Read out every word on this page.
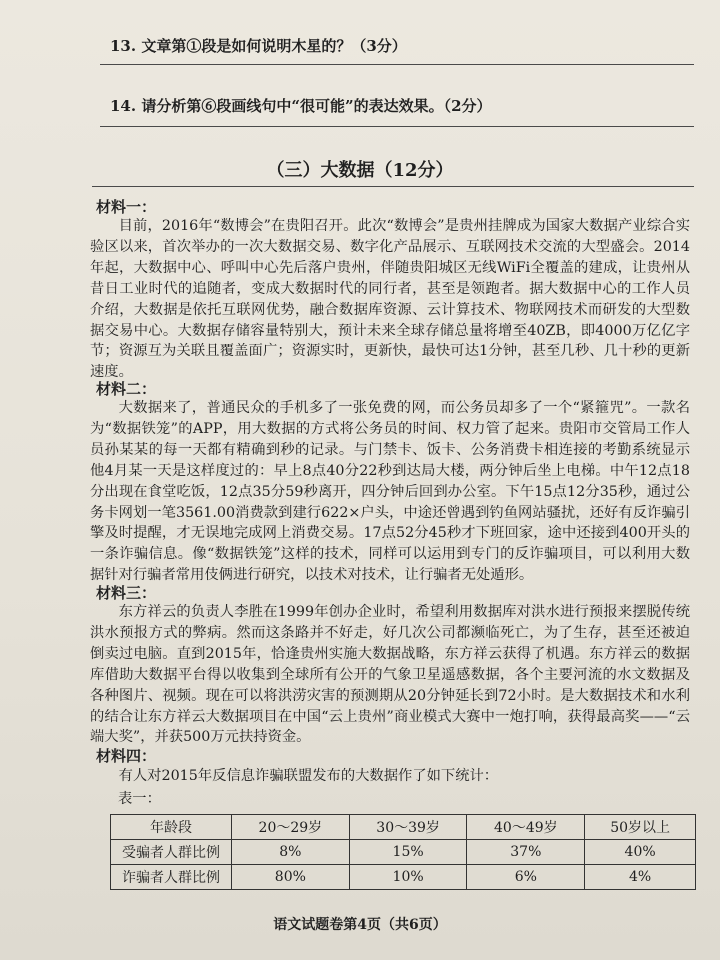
13. 文章第①段是如何说明木星的？（3分）
14. 请分析第⑥段画线句中“很可能”的表达效果。（2分）
（三）大数据（12分）
材料一：

目前，2016年“数博会”在贵阳召开。此次“数博会”是贵州挂牌成为国家大数据产业综合实验区以来，首次举办的一次大数据交易、数字化产品展示、互联网技术交流的大型盛会。2014年起，大数据中心、呼叫中心先后落户贵州，伴随贵阳城区无线WiFi全覆盖的建成，让贵州从昔日工业时代的追随者，变成大数据时代的同行者，甚至是领跑者。据大数据中心的工作人员介绍，大数据是依托互联网优势，融合数据库资源、云计算技术、物联网技术而研发的大型数据交易中心。大数据存储容量特别大，预计未来全球存储总量将增至40ZB，即4000万亿亿字节；资源互为关联且覆盖面广；资源实时，更新快，最快可达1分钟，甚至几秒、几十秒的更新速度。

材料二：

大数据来了，普通民众的手机多了一张免费的网，而公务员却多了一个“紧箍咒”。一款名为“数据铁笼”的APP，用大数据的方式将公务员的时间、权力管了起来。贵阳市交管局工作人员孙某某的每一天都有精确到秒的记录。与门禁卡、饭卡、公务消费卡相连接的考勤系统显示他4月某一天是这样度过的：早上8点40分22秒到达局大楼，两分钟后坐上电梯。中午12点18分出现在食堂吃饭，12点35分59秒离开，四分钟后回到办公室。下午15点12分35秒，通过公务卡网划一笔3561.00消费款到建行622×户头，中途还曾遇到钓鱼网站骚扰，还好有反诈骗引擎及时提醒，才无误地完成网上消费交易。17点52分45秒才下班回家，途中还接到400开头的一条诈骗信息。像“数据铁笼”这样的技术，同样可以运用到专门的反诈骗项目，可以利用大数据针对行骗者常用伎俩进行研究，以技术对技术，让行骗者无处遁形。

材料三：

东方祥云的负责人李胜在1999年创办企业时，希望利用数据库对洪水进行预报来摆脱传统洪水预报方式的弊病。然而这条路并不好走，好几次公司都濒临死亡，为了生存，甚至还被迫倒卖过电脑。直到2015年，恰逢贵州实施大数据战略，东方祥云获得了机遇。东方祥云的数据库借助大数据平台得以收集到全球所有公开的气象卫星遥感数据，各个主要河流的水文数据及各种图片、视频。现在可以将洪涝灾害的预测期从20分钟延长到72小时。是大数据技术和水利的结合让东方祥云大数据项目在中国“云上贵州”商业模式大赛中一炮打响，获得最高奖——“云端大奖”，并获500万元扶持资金。

材料四：

有人对2015年反信息诈骗联盟发布的大数据作了如下统计：

表一：
年龄段	20～29岁	30～39岁	40～49岁	50岁以上
受骗者人群比例	8%	15%	37%	40%
诈骗者人群比例	80%	10%	6%	4%
语文试题卷第4页（共6页）
